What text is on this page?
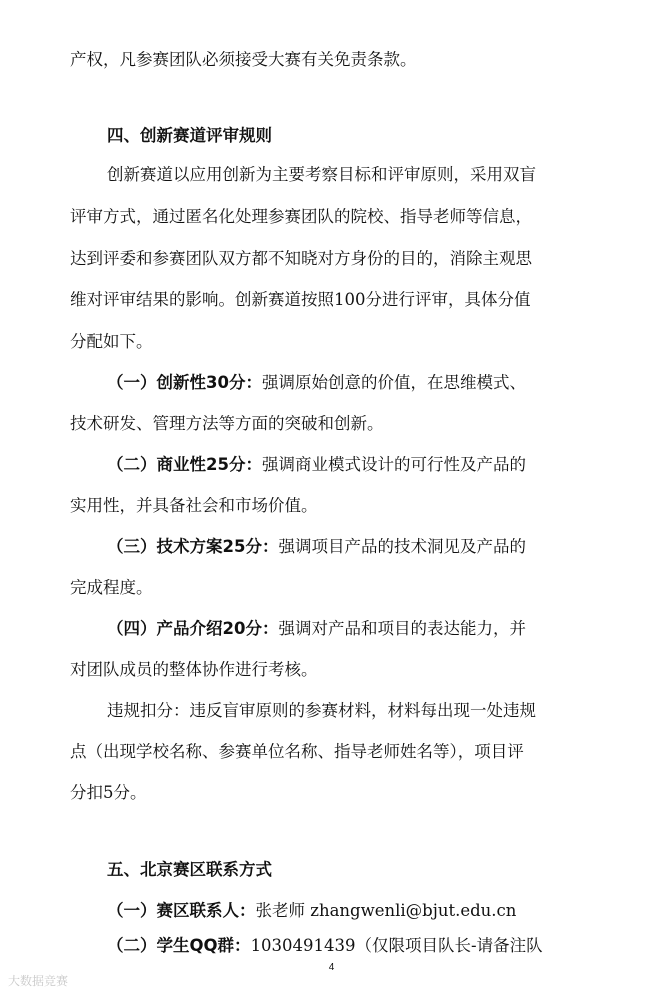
产权，凡参赛团队必须接受大赛有关免责条款。
四、创新赛道评审规则
创新赛道以应用创新为主要考察目标和评审原则，采用双盲
评审方式，通过匿名化处理参赛团队的院校、指导老师等信息，
达到评委和参赛团队双方都不知晓对方身份的目的，消除主观思
维对评审结果的影响。创新赛道按照100分进行评审，具体分值
分配如下。
（一）创新性30分：强调原始创意的价值，在思维模式、
技术研发、管理方法等方面的突破和创新。
（二）商业性25分：强调商业模式设计的可行性及产品的
实用性，并具备社会和市场价值。
（三）技术方案25分：强调项目产品的技术洞见及产品的
完成程度。
（四）产品介绍20分：强调对产品和项目的表达能力，并
对团队成员的整体协作进行考核。
违规扣分：违反盲审原则的参赛材料，材料每出现一处违规
点（出现学校名称、参赛单位名称、指导老师姓名等），项目评
分扣5分。
五、北京赛区联系方式
（一）赛区联系人：张老师 zhangwenli@bjut.edu.cn
（二）学生QQ群：1030491439（仅限项目队长-请备注队
4
大数据竞赛
